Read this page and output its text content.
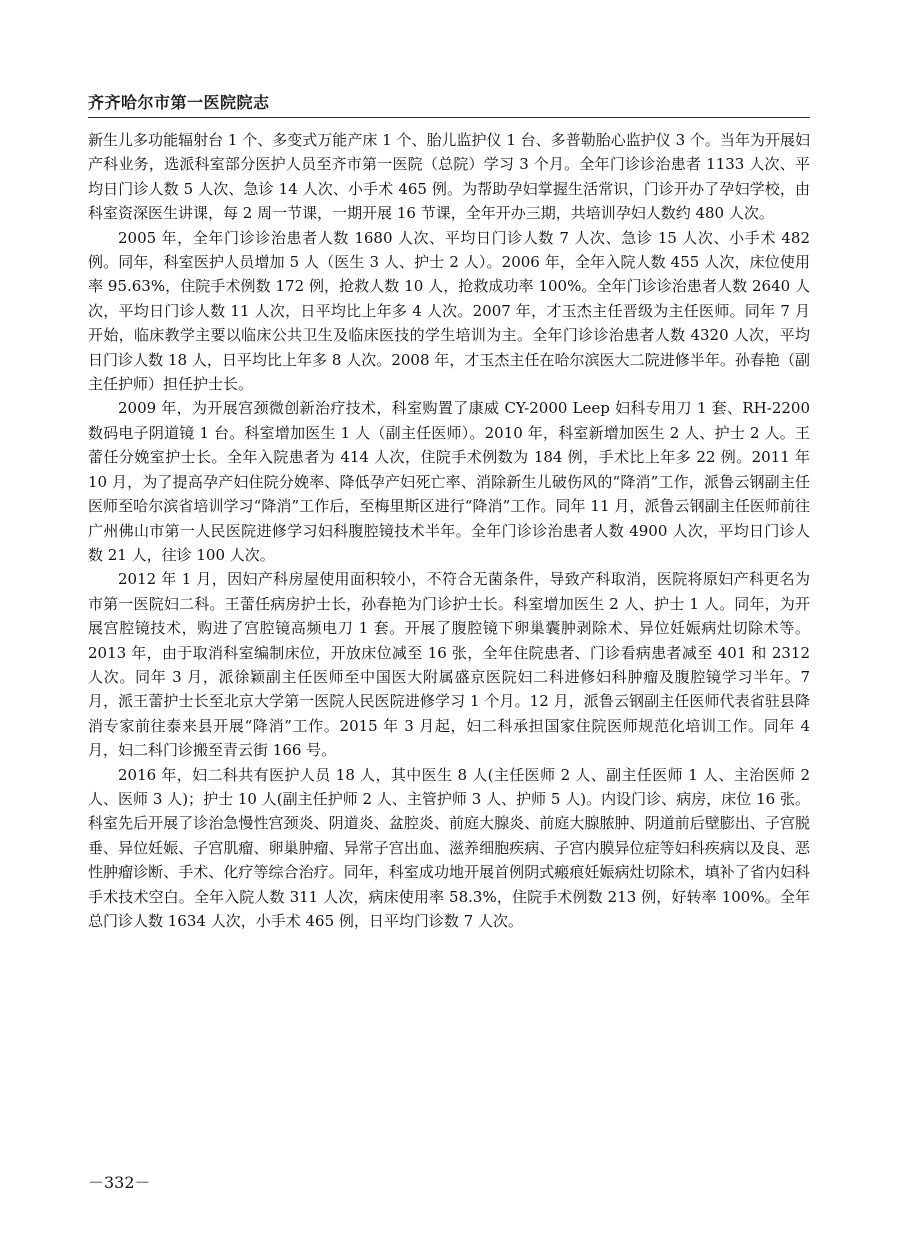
齐齐哈尔市第一医院院志

新生儿多功能辐射台 1 个、多变式万能产床 1 个、胎儿监护仪 1 台、多普勒胎心监护仪 3 个。当年为开展妇产科业务，选派科室部分医护人员至齐市第一医院（总院）学习 3 个月。全年门诊诊治患者 1133 人次、平均日门诊人数 5 人次、急诊 14 人次、小手术 465 例。为帮助孕妇掌握生活常识，门诊开办了孕妇学校，由科室资深医生讲课，每 2 周一节课，一期开展 16 节课，全年开办三期，共培训孕妇人数约 480 人次。

2005 年，全年门诊诊治患者人数 1680 人次、平均日门诊人数 7 人次、急诊 15 人次、小手术 482 例。同年，科室医护人员增加 5 人（医生 3 人、护士 2 人）。2006 年，全年入院人数 455 人次，床位使用率 95.63%，住院手术例数 172 例，抢救人数 10 人，抢救成功率 100%。全年门诊诊治患者人数 2640 人次，平均日门诊人数 11 人次，日平均比上年多 4 人次。2007 年，才玉杰主任晋级为主任医师。同年 7 月开始，临床教学主要以临床公共卫生及临床医技的学生培训为主。全年门诊诊治患者人数 4320 人次，平均日门诊人数 18 人，日平均比上年多 8 人次。2008 年，才玉杰主任在哈尔滨医大二院进修半年。孙春艳（副主任护师）担任护士长。

2009 年，为开展宫颈微创新治疗技术，科室购置了康威 CY-2000 Leep 妇科专用刀 1 套、RH-2200 数码电子阴道镜 1 台。科室增加医生 1 人（副主任医师）。2010 年，科室新增加医生 2 人、护士 2 人。王蕾任分娩室护士长。全年入院患者为 414 人次，住院手术例数为 184 例，手术比上年多 22 例。2011 年 10 月，为了提高孕产妇住院分娩率、降低孕产妇死亡率、消除新生儿破伤风的“降消”工作，派鲁云钢副主任医师至哈尔滨省培训学习“降消”工作后，至梅里斯区进行“降消”工作。同年 11 月，派鲁云钢副主任医师前往广州佛山市第一人民医院进修学习妇科腹腔镜技术半年。全年门诊诊治患者人数 4900 人次，平均日门诊人数 21 人，往诊 100 人次。

2012 年 1 月，因妇产科房屋使用面积较小，不符合无菌条件，导致产科取消，医院将原妇产科更名为市第一医院妇二科。王蕾任病房护士长，孙春艳为门诊护士长。科室增加医生 2 人、护士 1 人。同年，为开展宫腔镜技术，购进了宫腔镜高频电刀 1 套。开展了腹腔镜下卵巢囊肿剥除术、异位妊娠病灶切除术等。2013 年，由于取消科室编制床位，开放床位减至 16 张，全年住院患者、门诊看病患者减至 401 和 2312 人次。同年 3 月，派徐颖副主任医师至中国医大附属盛京医院妇二科进修妇科肿瘤及腹腔镜学习半年。7 月，派王蕾护士长至北京大学第一医院人民医院进修学习 1 个月。12 月，派鲁云钢副主任医师代表省驻县降消专家前往泰来县开展“降消”工作。2015 年 3 月起，妇二科承担国家住院医师规范化培训工作。同年 4 月，妇二科门诊搬至青云街 166 号。

2016 年，妇二科共有医护人员 18 人，其中医生 8 人(主任医师 2 人、副主任医师 1 人、主治医师 2 人、医师 3 人)；护士 10 人(副主任护师 2 人、主管护师 3 人、护师 5 人)。内设门诊、病房，床位 16 张。科室先后开展了诊治急慢性宫颈炎、阴道炎、盆腔炎、前庭大腺炎、前庭大腺脓肿、阴道前后壁膨出、子宫脱垂、异位妊娠、子宫肌瘤、卵巢肿瘤、异常子宫出血、滋养细胞疾病、子宫内膜异位症等妇科疾病以及良、恶性肿瘤诊断、手术、化疗等综合治疗。同年，科室成功地开展首例阴式瘢痕妊娠病灶切除术，填补了省内妇科手术技术空白。全年入院人数 311 人次，病床使用率 58.3%，住院手术例数 213 例，好转率 100%。全年总门诊人数 1634 人次，小手术 465 例，日平均门诊数 7 人次。

－332－
